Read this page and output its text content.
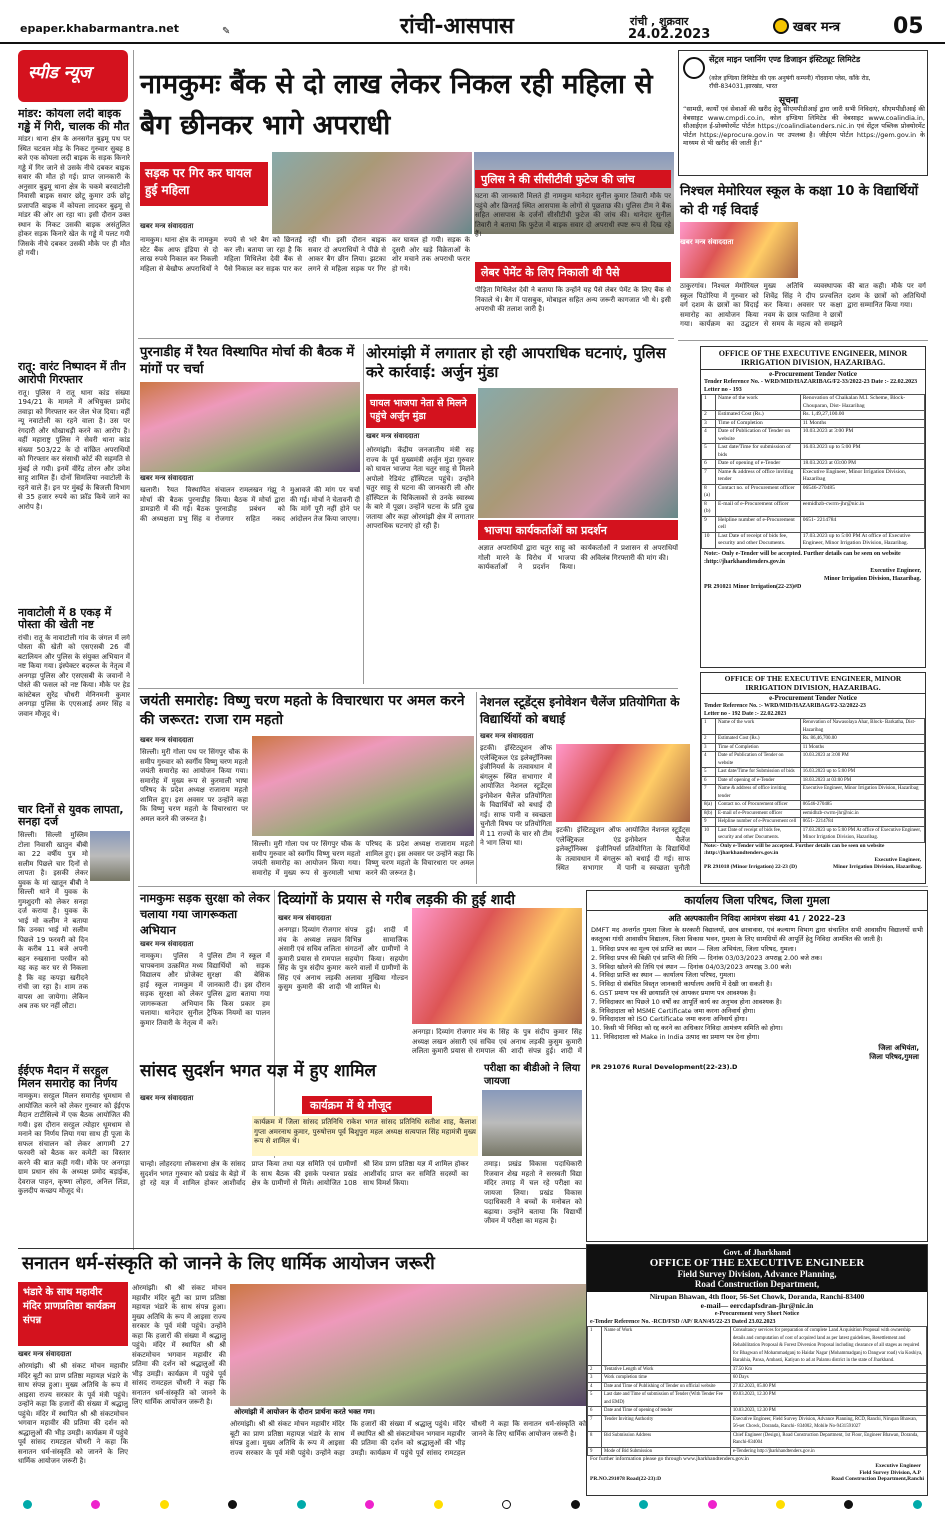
epaper.khabarmantra.net	✎	रांची-आसपास	रांची , शुक्रवार
24.02.2023	खबर मन्त्र 05
स्पीड न्यूज
मांडर: कोयला लदी बाइक गड्ढे में गिरी, चालक की मौत
मांडर। थाना क्षेत्र के अनसगेत बुढ़मू पथ पर स्थित चटवल मोड़ के निकट गुरुवार सुबह 8 बजे एक कोयला लदी बाइक के सड़क किनारे गड्ढे में गिर जाने से उसके नीचे दबकर बाइक सवार की मौत हो गई। प्राप्त जानकारी के अनुसार बुढ़मू थाना क्षेत्र के चकमे बरवाटोली निवासी बाइक सवार छोटू कुमार उर्फ छोटू प्रजापति बाइक में कोयला लादकर बुढ़मू से मांडर की ओर आ रहा था। इसी दौरान उक्त स्थान के निकट उसकी बाइक असंतुलित होकर सड़क किनारे खेत के गड्ढे में पलट गयी जिसके नीचे दबकर उसकी मौके पर ही मौत हो गयी।
रातू: वारंट निष्पादन में तीन आरोपी गिरफ्तार
रातू। पुलिस ने रातू थाना कांड संख्या 194/21 के मामले में अभियुक्त प्रमोद तवाड़ा को गिरफ्तार कर जेल भेज दिया। वहीं न्यू नवाटोली का रहने वाला है। उस पर रंगदारी और धोखाधड़ी करने का आरोप है। वहीं महाराष्ट्र पुलिस ने सेवरी थाना कांड संख्या 503/22 के दो वांछित अपराधियों को गिरफ्तार कर संसाधी कोर्ट की सहमति से मुंबई ले गयी। इनमें वीरेंद्र तोरन और उमेश साहू शामिल हैं। दोनों सिमलिया नवाटोली के रहने वाले हैं। इन पर मुंबई के बिजली विभाग से 35 हजार रुपये का फ्रॉड किये जाने का आरोप है।
नावाटोली में 8 एकड़ में पोस्ता की खेती नष्ट
रांची। रातू के नावाटोली गांव के जंगल में लगे पोस्ता की खेती को एसएसबी 26 वीं बटालियन और पुलिस के संयुक्त अभियान में नष्ट किया गया। इंस्पेक्टर बदरूल के नेतृत्व में अनगड़ा पुलिस और एसएसबी के जवानों ने पोस्ते की फसल को नष्ट किया। मौके पर हेड कांस्टेबल सुरेंद्र चौधरी मेनिनमनी कुमार अनगड़ा पुलिस के एएसआई अमर सिंह व जवान मौजूद थे।
चार दिनों से युवक लापता, सनहा दर्ज
सिल्ली। सिल्ली मुस्लिम टोला निवासी खातुन बीबी का 22 वर्षीय पुत्र मो सलीम पिछले चार दिनों से लापता है। इसकी लेकर युवक के मां खातून बीबी ने सिल्ली थाने में युवक के गुमशुदगी को लेकर सनहा दर्ज कराया है। युवक के भाई मो कलीम ने बताया कि उनका भाई मो सलीम पिछले 19 फरवरी को दिन के करीब 11 बजे अपनी बहन रुखसाना परवीन को यह कह कर घर से निकला है कि वह कपड़ा खरीदने रांची जा रहा है। शाम तक वापस आ जायेगा। लेकिन अब तक घर नहीं लौटा।
ईईएफ मैदान में सरहुल मिलन समारोह का निर्णय
नामकुम। सरहुल मिलन समारोह धूमधाम से आयोजित करने को लेकर गुरुवार को ईईएफ मैदान टाटीसिल्वे में एक बैठक आयोजित की गयी। इस दौरान सरहुल त्योहार धूमधाम से मनाने का निर्णय लिया गया साथ ही पूजा के सफल संचालन को लेकर आगामी 27 फरवरी को बैठक कर कमेटी का विस्तार करने की बात कही गयी। मौके पर अनगड़ा ग्राम प्रधान संघ के अध्यक्ष प्रमोद बड़ाईक, देवराज पाहन, कृष्णा लोहरा, अनिल लिंडा, कुलदीप कच्छप मौजूद थे।
नामकुमः बैंक से दो लाख लेकर निकल रही महिला से बैग छीनकर भागे अपराधी
सड़क पर गिर कर घायल हुई महिला
खबर मन्त्र संवाददाता
नामकुम। थाना क्षेत्र के नामकुम स्टेट बैंक आफ इंडिया से दो लाख रुपये निकाल कर निकली महिला से बेखौफ अपराधियों ने रुपये से भरे बैग को छिनतई कर ली। बताया जा रहा है कि महिला मिथिलेश देवी बैंक से पैसे निकाल कर सड़क पार कर रही थी। इसी दौरान बाइक सवार दो अपराधियों ने पीछे से आकर बैग छीन लिया। झटका लगने से महिला सड़क पर गिर कर घायल हो गयी। सड़क के दूसरी ओर खड़े विक्रेताओं के शोर मचाने तक अपराधी फरार हो गये।
पुलिस ने की सीसीटीवी फुटेज की जांच
घटना की जानकारी मिलते ही नामकुम थानेदार सुनील कुमार तिवारी मौके पर पहुंचे और छिनतई स्थित आसपास के लोगों से पूछताछ की। पुलिस टीम ने बैंक सहित आसपास के दर्जनों सीसीटीवी फुटेज की जांच की। थानेदार सुनील तिवारी ने बताया कि फुटेज में बाइक सवार दो अपराधी स्पष्ट रूप से दिख रहे हैं।
लेबर पेमेंट के लिए निकाली थी पैसे
पीड़िता मिथिलेश देवी ने बताया कि उन्होंने यह पैसे लेबर पेमेंट के लिए बैंक से निकाले थे। बैग में पासबुक, मोबाइल सहित अन्य जरूरी कागजात भी थे। इसी अपराधी की तलाश जारी है।
सेंट्रल माइन प्लानिंग एण्ड डिजाइन इंस्टिट्यूट लिमिटेड
(कोल इण्डिया लिमिटेड की एक अनुषंगी कम्पनी) गोंदवाना प्लेस, काँके रोड, राँची-834031,झारखंड, भारत
सूचना
“सामग्री, कार्यों एवं सेवाओं की खरीद हेतु सीएमपीडीआई द्वारा जारी सभी निविदाएं, सीएमपीडीआई की वेबसाइट www.cmpdi.co.in, कोल इण्डिया लिमिटेड की वेबसाइट www.coalindia.in, सीआईएल ई-प्रोक्योरमेंट पोर्टल https://coalindiatenders.nic.in एवं सेंट्रल पब्लिक प्रोक्योरमेंट पोर्टल https://eprocure.gov.in पर उपलब्ध है। जीईएम पोर्टल https://gem.gov.in के माध्यम से भी खरीद की जाती है।”
निश्चल मेमोरियल स्कूल के कक्षा 10 के विद्यार्थियों को दी गई विदाई
खबर मन्त्र संवाददाता
ठाकुरगांव। निश्चल मेमोरियल स्कूल पिठोरिया में गुरुवार को वर्ग दशम के छात्रों का विदाई समारोह का आयोजन किया गया। कार्यक्रम का उद्घाटन मुख्य अतिथि व्यवस्थापक शिवेंद्र सिंह ने दीप प्रज्वलित कर किया। अवसर पर कक्षा नवम के छात्र फातिमा ने छात्रों से समय के महत्व को समझने की बात कही। मौके पर वर्ग दशम के छात्रों को अतिथियों द्वारा सम्मानित किया गया।
पुरनाडीह में रैयत विस्थापित मोर्चा की बैठक में मांगों पर चर्चा
खबर मन्त्र संवाददाता
खलारी। रैयत विस्थापित मोर्चा की बैठक पुरनाडीह डामडारी में की गई। बैठक की अध्यक्षता प्रभु सिंह व संचालन रामलखन गंझू ने किया। बैठक में मोर्चा द्वारा पुरनाडीह प्रबंधन को रोजगार सहित नकद मुआवजे की मांग पर चर्चा की गई। मोर्चा ने चेतावनी दी कि मांगें पूरी नहीं होने पर आंदोलन तेज किया जाएगा।
ओरमांझी में लगातार हो रही आपराधिक घटनाएं, पुलिस करे कार्रवाई: अर्जुन मुंडा
घायल भाजपा नेता से मिलने पहुंचे अर्जुन मुंडा
खबर मन्त्र संवाददाता
ओरमांझी। केंद्रीय जनजातीय मंत्री सह राज्य के पूर्व मुख्यमंत्री अर्जुन मुंडा गुरुवार को घायल भाजपा नेता चतुर साहू से मिलने अपोलो रेडियंट हॉस्पिटल पहुंचे। उन्होंने चतुर साहू से घटना की जानकारी ली और हॉस्पिटल के चिकित्सकों से उनके स्वास्थ्य के बारे में पूछा। उन्होंने घटना के प्रति दुख जताया और कहा ओरमांझी क्षेत्र में लगातार आपराधिक घटनाएं हो रही हैं।	भाजपा कार्यकर्ताओं का प्रदर्शन
अज्ञात अपराधियों द्वारा चतुर साहू को गोली मारने के विरोध में भाजपा कार्यकर्ताओं ने प्रदर्शन किया। कार्यकर्ताओं ने प्रशासन से अपराधियों की अविलंब गिरफ्तारी की मांग की।
OFFICE OF THE EXECUTIVE ENGINEER, MINOR IRRIGATION DIVISION, HAZARIBAG.
e-Procurement Tender Notice
Tender Reference No. - WRD/MID/HAZARIBAG/F2-33/2022-23 Date :- 22.02.2023
Letter no - 193
1	Name of the work	Renovation of Chaikalan M.I. Scheme, Block- Chouparan, Dist- Hazaribag
2	Estimated Cost (Rs.)	Rs. 1,49,27,100.00
3	Time of Completion	11 Months
4	Date of Publication of Tender on website	10.03.2023 at 3:00 PM
5	Last date/Time for submission of bids	16.03.2023 up to 5:00 PM
6	Date of opening of e-Tender	18.03.2023 at 03:00 PM
7	Name & address of office inviting tender	Executive Engineer, Minor Irrigation Division, Hazaribag
8 (a)	Contact no. of Procurement officer	06546-270485
8 (b)	E-mail of e-Procurement officer	eemidhzb-cwrrn-jhr@nic.in
9	Helpline number of e-Procurement cell	0651- 2214784
10	Last Date of receipt of bids fee, security and other Documents.	17.03.2023 up to 5:00 PM At office of Executive Engineer, Minor Irrigation Division, Hazaribag.
Note:- Only e-Tender will be accepted. Further details can be seen on website :http://jharkhandtenders.gov.in
Executive Engineer,
Minor Irrigation Division, Hazaribag.
PR 291021 Minor Irrigation(22-23)#D
जयंती समारोह: विष्णु चरण महतो के विचारधारा पर अमल करने की जरूरत: राजा राम महतो
खबर मन्त्र संवाददाता
सिल्ली। मुरी गोला पथ पर सिंगपुर चौक के समीप गुरुवार को स्वर्गीय विष्णु चरण महतो जयंती समारोह का आयोजन किया गया। समारोह में मुख्य रूप से कुरमाली भाषा परिषद के प्रदेश अध्यक्ष राजाराम महतो शामिल हुए। इस अवसर पर उन्होंने कहा कि विष्णु चरण महतो के विचारधारा पर अमल करने की जरूरत है।
सिल्ली। मुरी गोला पथ पर सिंगपुर चौक के समीप गुरुवार को स्वर्गीय विष्णु चरण महतो जयंती समारोह का आयोजन किया गया। समारोह में मुख्य रूप से कुरमाली भाषा परिषद के प्रदेश अध्यक्ष राजाराम महतो शामिल हुए। इस अवसर पर उन्होंने कहा कि विष्णु चरण महतो के विचारधारा पर अमल करने की जरूरत है।
नेशनल स्टूडेंट्स इनोवेशन चैलेंज प्रतियोगिता के विद्यार्थियों को बधाई
खबर मन्त्र संवाददाता
इटकी। इंस्टिट्यूशन ऑफ एलेक्ट्रिकल एंड इलेक्ट्रॉनिक्स इंजीनियर्स के तत्वावधान में बंगलुरू स्थित सभागार में आयोजित नेशनल स्टूडेंट्स इनोवेशन चैलेंज प्रतियोगिता के विद्यार्थियों को बधाई दी गई। साफ पानी व स्वच्छता चुनौती विषय पर प्रतियोगिता में 11 राज्यों के चार सौ टीम ने भाग लिया था।
इटकी। इंस्टिट्यूशन ऑफ एलेक्ट्रिकल एंड इलेक्ट्रॉनिक्स इंजीनियर्स के तत्वावधान में बंगलुरू स्थित सभागार में आयोजित नेशनल स्टूडेंट्स इनोवेशन चैलेंज प्रतियोगिता के विद्यार्थियों को बधाई दी गई। साफ पानी व स्वच्छता चुनौती
OFFICE OF THE EXECUTIVE ENGINEER, MINOR IRRIGATION DIVISION, HAZARIBAG.
e-Procurement Tender Notice
Tender Reference No. :- WRD/MID/HAZARIBAG/F2-32/2022-23
Letter no - 192 Date :- 22.02.2023
1	Name of the work	Renovation of Nawasolaya Ahar, Block- Barkatha, Dist- Hazaribag
2	Estimated Cost (Rs.)	Rs. 86,46,700.00
3	Time of Completion	11 Months
4	Date of Publication of Tender on website	10.03.2023 at 3:00 PM
5	Last date/Time for Submission of bids	16.03.2023 up to 5:00 PM
6	Date of opening of e-Tender	18.03.2023 at 03:00 PM
7	Name & address of office inviting tender	Executive Engineer, Minor Irrigation Division, Hazaribag
8(a)	Contact no. of Procurement officer	06546-270485
8(b)	E-mail of e-Procurement officer	eemidhzb-cwrrn-jhr@nic.in
9	Helpline number of e-Procurement cell	0651- 2214784
10	Last Date of receipt of bids fee, security and other Documents.	17.03.2023 up to 5:00 PM At office of Executive Engineer, Minor Irrigation Division, Hazaribag.
Note:- Only e-Tender will be accepted. Further details can be seen on website :http://jharkhandtenders.gov.in
Executive Engineer,
PR 291018 (Minor Irrigation) 22-23 (D)	Minor Irrigation Division, Hazaribag.
नामकुमः सड़क सुरक्षा को लेकर चलाया गया जागरूकता अभियान
खबर मन्त्र संवाददाता
नामकुम। पुलिस ने चापबनाम उत्क्रमित मध्य विद्यालय और प्रोजेक्ट हाई स्कूल नामकुम में सड़क सुरक्षा को लेकर जागरूकता अभियान चलाया। थानेदार सुनील कुमार तिवारी के नेतृत्व में पुलिस टीम ने स्कूल में विद्यार्थियों को सड़क सुरक्षा की बेसिक जानकारी दी। इस दौरान पुलिस द्वारा बताया गया कि किस प्रकार हम ट्रैफिक नियमों का पालन करें।
दिव्यांगों के प्रयास से गरीब लड़की की हुई शादी
खबर मन्त्र संवाददाता
अनगड़ा। दिव्यांग रोजगार मंच के अध्यक्ष लखन अंसारी एवं सचिव ललिता कुमारी प्रयास से रामपाल सिंह के पुत्र संदीप कुमार सिंह एवं अनाथ लड़की कुसुम कुमारी की शादी संपन्न हुई। शादी में विभिन्न सामाजिक संगठनों और ग्रामीणों ने सहयोग किया। सहयोग करने वालों में ग्रामीणों के अलावा मुखिया गोल्डन भी शामिल थे।
अनगड़ा। दिव्यांग रोजगार मंच के अध्यक्ष लखन अंसारी एवं सचिव ललिता कुमारी प्रयास से रामपाल सिंह के पुत्र संदीप कुमार सिंह एवं अनाथ लड़की कुसुम कुमारी की शादी संपन्न हुई। शादी में
सांसद सुदर्शन भगत यज्ञ में हुए शामिल
खबर मन्त्र संवाददाता
चान्हो। लोहरदगा लोकसभा क्षेत्र के सांसद सुदर्शन भगत गुरुवार को प्रखंड के बेड़ो में हो रहे यज्ञ में शामिल होकर आशीर्वाद प्राप्त किया तथा यज्ञ समिति एवं ग्रामीणों के साथ बैठक की इसके पश्चात प्रखंड क्षेत्र के ग्रामीणों से मिले। आयोजित 108 श्री शिव प्राण प्रतिष्ठा यज्ञ में शामिल होकर आशीर्वाद प्राप्त कर समिति सदस्यों का साथ विमर्श किया।
कार्यक्रम में थे मौजूद
कार्यक्रम में जिला सांसद प्रतिनिधि राकेश भगत सांसद प्रतिनिधि सतीश शाह, कैलाश गुप्ता अमरनाथ कुमार, पुरुषोत्तम पूर्व बिशुपुरा महल अध्यक्ष सत्यपाल सिंह महामंत्री मुख्य रूप से शामिल थे।
परीक्षा का बीडीओ ने लिया जायजा
तमाड़। प्रखंड विकास पदाधिकारी रिजवान शेख महतो ने सरस्वती विद्या मंदिर तमाड़ में चल रहे परीक्षा का जायजा लिया। प्रखंड विकास पदाधिकारी ने बच्चों के मनोबल को बढ़ाया। उन्होंने बताया कि विद्यार्थी जीवन में परीक्षा का महत्व है।
कार्यालय जिला परिषद, जिला गुमला
अति अल्पकालीन निविदा आमंत्रण संख्या 41 / 2022–23
DMFT मद अन्तर्गत गुमला जिला के सरकारी विद्यालयों, छात्र छात्रावास, एवं कल्याण विभाग द्वारा संचालित सभी आवासीय विद्यालयों सभी कस्तूरबा गांधी आवासीय विद्यालय, जिला विकास भवन, गुमला के लिए सामग्रियों की आपूर्ति हेतु निविदा आमंत्रित की जाती है।
1. निविदा प्रपत्र का मूल्य एवं प्राप्ति का स्थान — जिला अभियंता, जिला परिषद, गुमला।
2. निविदा प्रपत्र की बिक्री एवं प्राप्ति की तिथि — दिनांक 03/03/2023 अपराह्न 2.00 बजे तक।
3. निविदा खोलने की तिथि एवं स्थान — दिनांक 04/03/2023 अपराह्न 3.00 बजे।
4. निविदा प्राप्ति का स्थान — कार्यालय जिला परिषद, गुमला।
5. निविदा से संबंधित विस्तृत जानकारी कार्यालय अवधि में देखी जा सकती है।
6. GST प्रमाण पत्र की छायाप्रति एवं आयकर प्रमाण पत्र आवश्यक है।
7. निविदाकार का पिछले 10 वर्षों का आपूर्ति कार्य का अनुभव होना आवश्यक है।
8. निविदादाता को MSME Certificate जमा करना अनिवार्य होगा।
9. निविदादाता को ISO Certificate जमा करना अनिवार्य होगा।
10. किसी भी निविदा को रद्द करने का अधिकार निविदा आमंत्रण समिति को होगा।
11. निविदादाता को Make in India उत्पाद का प्रमाण पत्र देना होगा।
जिला अभियंता,
जिला परिषद,गुमला
PR 291076 Rural Development(22-23).D
सनातन धर्म-संस्कृति को जानने के लिए धार्मिक आयोजन जरूरी
भंडारे के साथ महावीर मंदिर प्राणप्रतिष्ठा कार्यक्रम संपन्न
खबर मन्त्र संवाददाता
ओरमांझी। श्री श्री संकट मोचन महावीर मंदिर बूटी का प्राण प्रतिष्ठा महायज्ञ भंडारे के साथ संपन्न हुआ। मुख्य अतिथि के रूप में आइसा राज्य सरकार के पूर्व मंत्री पहुंचे। उन्होंने कहा कि हजारों की संख्या में श्रद्धालु पहुंचे। मंदिर में स्थापित श्री श्री संकटमोचन भगवान महावीर की प्रतिमा की दर्शन को श्रद्धालुओं की भीड़ उमड़ी। कार्यक्रम में पहुंचे पूर्व सांसद रामटहल चौधरी ने कहा कि सनातन धर्म-संस्कृति को जानने के लिए धार्मिक आयोजन जरूरी है।
ओरमांझी। श्री श्री संकट मोचन महावीर मंदिर बूटी का प्राण प्रतिष्ठा महायज्ञ भंडारे के साथ संपन्न हुआ। मुख्य अतिथि के रूप में आइसा राज्य सरकार के पूर्व मंत्री पहुंचे। उन्होंने कहा कि हजारों की संख्या में श्रद्धालु पहुंचे। मंदिर में स्थापित श्री श्री संकटमोचन भगवान महावीर की प्रतिमा की दर्शन को श्रद्धालुओं की भीड़ उमड़ी। कार्यक्रम में पहुंचे पूर्व सांसद रामटहल चौधरी ने कहा कि सनातन धर्म-संस्कृति को जानने के लिए धार्मिक आयोजन जरूरी है।
ओरमांझी में आयोजन के दौरान प्रार्थना करते भक्त गण।
ओरमांझी। श्री श्री संकट मोचन महावीर मंदिर बूटी का प्राण प्रतिष्ठा महायज्ञ भंडारे के साथ संपन्न हुआ। मुख्य अतिथि के रूप में आइसा राज्य सरकार के पूर्व मंत्री पहुंचे। उन्होंने कहा कि हजारों की संख्या में श्रद्धालु पहुंचे। मंदिर में स्थापित श्री श्री संकटमोचन भगवान महावीर की प्रतिमा की दर्शन को श्रद्धालुओं की भीड़ उमड़ी। कार्यक्रम में पहुंचे पूर्व सांसद रामटहल चौधरी ने कहा कि सनातन धर्म-संस्कृति को जानने के लिए धार्मिक आयोजन जरूरी है।
Govt. of Jharkhand
OFFICE OF THE EXECUTIVE ENGINEER
Field Survey Division, Advance Planning,
Road Construction Department,
Nirupan Bhawan, 4th floor, 56-Set Chowk, Doranda, Ranchi-83400
e-mail— eercdapfsdran-jhr@nic.in
e-Procurement very Short Notice
e-Tender Reference No. -RCD/FSD /AP/ RAN/45/22-23 Dated 23.02.2023
1	Name of Work	Consultancy services for preparation of complete Land Acquisition Proposal with ownership details and computation of cost of acquired land as per latest guidelines, Resettlement and Rehabilitation Proposal & Forest Diversion Proposal including clearance of all stages as required for Bhagwan of Mohammadganj to Haidar Nagar (Mohammadganj to Dangwar road) via Koshiya, Barakhia, Pansa, Ambasti, Katiyan to ad at Palamu district in the state of Jharkhand.
2	Tentative Length of Work	37.50 Km
3	Work completion time	60 Days
4	Date and Time of Publishing of Tender on official website	27.02.2023, 05.00 PM
5	Last date and Time of submission of Tender (With Tender Fee and EMD)	09.03.2023, 12.30 PM
6	Date and Time of opening of tender	10.03.2023, 12.30 PM
7	Tender Inviting Authority	Executive Engineer, Field Survey Division, Advance Planning, RCD, Ranchi, Nirupan Bhawan, 56-set Chowk, Doranda, Ranchi- 834002, Mobile No-9431591027
8	Bid Submission Address	Chief Engineer (Design), Road Construction Department, 1st Floor, Engineer Bhawan, Doranda, Ranchi-834004
9	Mode of Bid Submission	e-Tendering http://jharkhandtenders.gov.in
For further information please go through www.jharkhandtenders.gov.in
Executive Engineer
Field Survey Division, A.P
PR.NO.291078 Road(22-23):D	Road Construction Department,Ranchi
